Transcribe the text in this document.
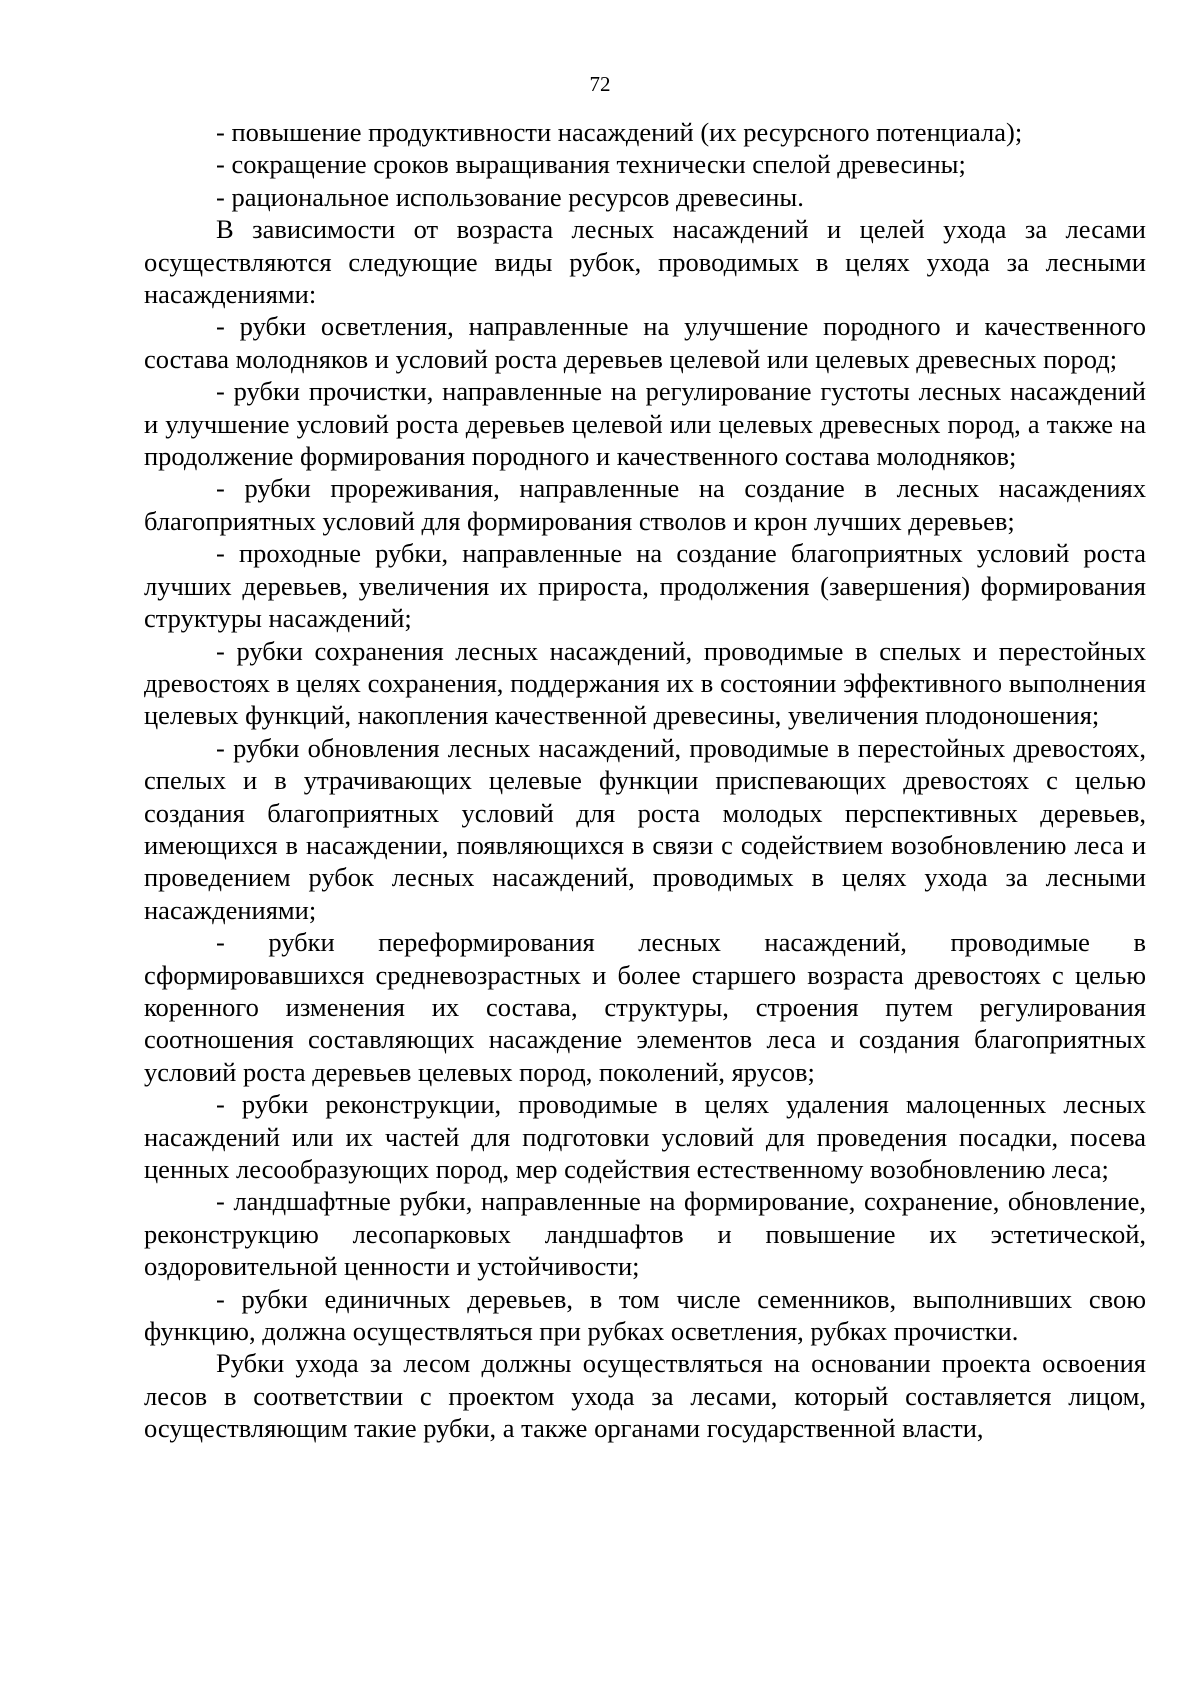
72

- повышение продуктивности насаждений (их ресурсного потенциала);

- сокращение сроков выращивания технически спелой древесины;

- рациональное использование ресурсов древесины.

В зависимости от возраста лесных насаждений и целей ухода за лесами осуществляются следующие виды рубок, проводимых в целях ухода за лесными насаждениями:

- рубки осветления, направленные на улучшение породного и качественного состава молодняков и условий роста деревьев целевой или целевых древесных пород;

- рубки прочистки, направленные на регулирование густоты лесных насаждений и улучшение условий роста деревьев целевой или целевых древесных пород, а также на продолжение формирования породного и качественного состава молодняков;

- рубки прореживания, направленные на создание в лесных насаждениях благоприятных условий для формирования стволов и крон лучших деревьев;

- проходные рубки, направленные на создание благоприятных условий роста лучших деревьев, увеличения их прироста, продолжения (завершения) формирования структуры насаждений;

- рубки сохранения лесных насаждений, проводимые в спелых и перестойных древостоях в целях сохранения, поддержания их в состоянии эффективного выполнения целевых функций, накопления качественной древесины, увеличения плодоношения;

- рубки обновления лесных насаждений, проводимые в перестойных древостоях, спелых и в утрачивающих целевые функции приспевающих древостоях с целью создания благоприятных условий для роста молодых перспективных деревьев, имеющихся в насаждении, появляющихся в связи с содействием возобновлению леса и проведением рубок лесных насаждений, проводимых в целях ухода за лесными насаждениями;

- рубки переформирования лесных насаждений, проводимые в сформировавшихся средневозрастных и более старшего возраста древостоях с целью коренного изменения их состава, структуры, строения путем регулирования соотношения составляющих насаждение элементов леса и создания благоприятных условий роста деревьев целевых пород, поколений, ярусов;

- рубки реконструкции, проводимые в целях удаления малоценных лесных насаждений или их частей для подготовки условий для проведения посадки, посева ценных лесообразующих пород, мер содействия естественному возобновлению леса;

- ландшафтные рубки, направленные на формирование, сохранение, обновление, реконструкцию лесопарковых ландшафтов и повышение их эстетической, оздоровительной ценности и устойчивости;

- рубки единичных деревьев, в том числе семенников, выполнивших свою функцию, должна осуществляться при рубках осветления, рубках прочистки.

Рубки ухода за лесом должны осуществляться на основании проекта освоения лесов в соответствии с проектом ухода за лесами, который составляется лицом, осуществляющим такие рубки, а также органами государственной власти,
